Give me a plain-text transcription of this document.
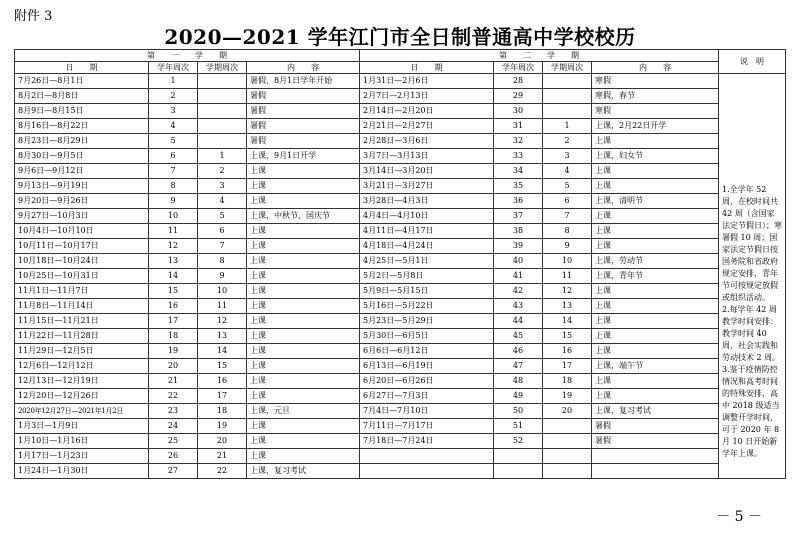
附件 3
2020—2021 学年江门市全日制普通高中学校校历
第　　一　　学　　期				第　　二　　学　　期				说　明
日　　期	学年周次	学期周次	内　　容	日　　期	学年周次	学期周次	内　　容	
7月26日—8月1日	1		暑假，8月1日学年开始	1月31日—2月6日	28		寒假	1.全学年 52 周，在校时间共 42 周（含国家法定节假日）；寒暑假 10 周；国家法定节假日按国务院和省政府规定安排，青年节可按规定放假或组织活动。

2.每学年 42 周教学时间安排：教学时间 40 周，社会实践和劳动技术 2 周。

3.鉴于疫情防控情况和高考时间的特殊安排，高中 2018 级适当调整开学时间，可于 2020 年 8 月 10 日开始新学年上课。

8月2日—8月8日	2		暑假	2月7日—2月13日	29		寒假，春节	
8月9日—8月15日	3		暑假	2月14日—2月20日	30		寒假	
8月16日—8月22日	4		暑假	2月21日—2月27日	31	1	上课，2月22日开学	
8月23日—8月29日	5		暑假	2月28日—3月6日	32	2	上课	
8月30日—9月5日	6	1	上课，9月1日开学	3月7日—3月13日	33	3	上课，妇女节	
9月6日—9月12日	7	2	上课	3月14日—3月20日	34	4	上课	
9月13日—9月19日	8	3	上课	3月21日—3月27日	35	5	上课	
9月20日—9月26日	9	4	上课	3月28日—4月3日	36	6	上课，清明节	
9月27日—10月3日	10	5	上课，中秋节、国庆节	4月4日—4月10日	37	7	上课	
10月4日—10月10日	11	6	上课	4月11日—4月17日	38	8	上课	
10月11日—10月17日	12	7	上课	4月18日—4月24日	39	9	上课	
10月18日—10月24日	13	8	上课	4月25日—5月1日	40	10	上课，劳动节	
10月25日—10月31日	14	9	上课	5月2日—5月8日	41	11	上课，青年节	
11月1日—11月7日	15	10	上课	5月9日—5月15日	42	12	上课	
11月8日—11月14日	16	11	上课	5月16日—5月22日	43	13	上课	
11月15日—11月21日	17	12	上课	5月23日—5月29日	44	14	上课	
11月22日—11月28日	18	13	上课	5月30日—6月5日	45	15	上课	
11月29日—12月5日	19	14	上课	6月6日—6月12日	46	16	上课	
12月6日—12月12日	20	15	上课	6月13日—6月19日	47	17	上课，端午节	
12月13日—12月19日	21	16	上课	6月20日—6月26日	48	18	上课	
12月20日—12月26日	22	17	上课	6月27日—7月3日	49	19	上课	
2020年12月27日—2021年1月2日	23	18	上课，元旦	7月4日—7月10日	50	20	上课，复习考试	
1月3日—1月9日	24	19	上课	7月11日—7月17日	51		暑假	
1月10日—1月16日	25	20	上课	7月18日—7月24日	52		暑假	
1月17日—1月23日	26	21	上课					
1月24日—1月30日	27	22	上课，复习考试					
－ 5 －
